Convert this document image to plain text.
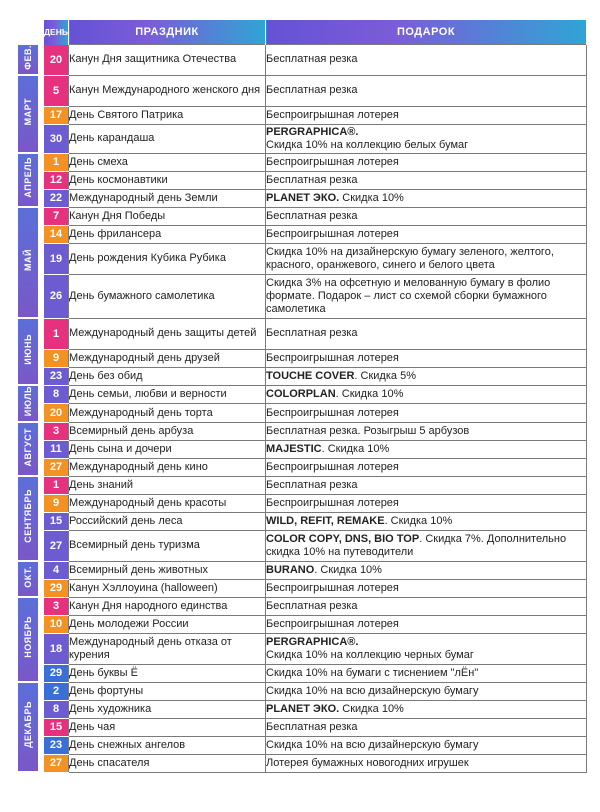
		ДЕНЬ	ПРАЗДНИК	ПОДАРОК
ФЕВ.		20	Канун Дня защитника Отечества	Бесплатная резка
МАРТ		5	Канун Международного женского дня	Бесплатная резка
		17	День Святого Патрика	Беспроигрышная лотерея
		30	День карандаша	PERGRAPHICA®.
Скидка 10% на коллекцию белых бумаг
АПРЕЛЬ		1	День смеха	Беспроигрышная лотерея
		12	День космонавтики	Бесплатная резка
		22	Международный день Земли	PLANET ЭКО. Скидка 10%
МАЙ		7	Канун Дня Победы	Бесплатная резка
		14	День фрилансера	Беспроигрышная лотерея
		19	День рождения Кубика Рубика	Скидка 10% на дизайнерскую бумагу зеленого, желтого, красного, оранжевого, синего и белого цвета
		26	День бумажного самолетика	Скидка 3% на офсетную и мелованную бумагу в фолио формате. Подарок – лист со схемой сборки бумажного самолетика
ИЮНЬ		1	Международный день защиты детей	Бесплатная резка
		9	Международный день друзей	Беспроигрышная лотерея
		23	День без обид	TOUCHE COVER. Скидка 5%
ИЮЛЬ		8	День семьи, любви и верности	COLORPLAN. Скидка 10%
		20	Международный день торта	Беспроигрышная лотерея
АВГУСТ		3	Всемирный день арбуза	Бесплатная резка. Розыгрыш 5 арбузов
		11	День сына и дочери	MAJESTIC. Скидка 10%
		27	Международный день кино	Беспроигрышная лотерея
СЕНТЯБРЬ		1	День знаний	Бесплатная резка
		9	Международный день красоты	Беспроигрышная лотерея
		15	Российский день леса	WILD, REFIT, REMAKE. Скидка 10%
		27	Всемирный день туризма	COLOR COPY, DNS, BIO TOP. Скидка 7%. Дополнительно скидка 10% на путеводители
ОКТ.		4	Всемирный день животных	BURANO. Скидка 10%
		29	Канун Хэллоуина (halloween)	Беспроигрышная лотерея
НОЯБРЬ		3	Канун Дня народного единства	Бесплатная резка
		10	День молодежи России	Беспроигрышная лотерея
		18	Международный день отказа от курения	PERGRAPHICA®.
Скидка 10% на коллекцию черных бумаг
		29	День буквы Ё	Скидка 10% на бумаги с тиснением "лЁн"
ДЕКАБРЬ		2	День фортуны	Скидка 10% на всю дизайнерскую бумагу
		8	День художника	PLANET ЭКО. Скидка 10%
		15	День чая	Бесплатная резка
		23	День снежных ангелов	Скидка 10% на всю дизайнерскую бумагу
		27	День спасателя	Лотерея бумажных новогодних игрушек
